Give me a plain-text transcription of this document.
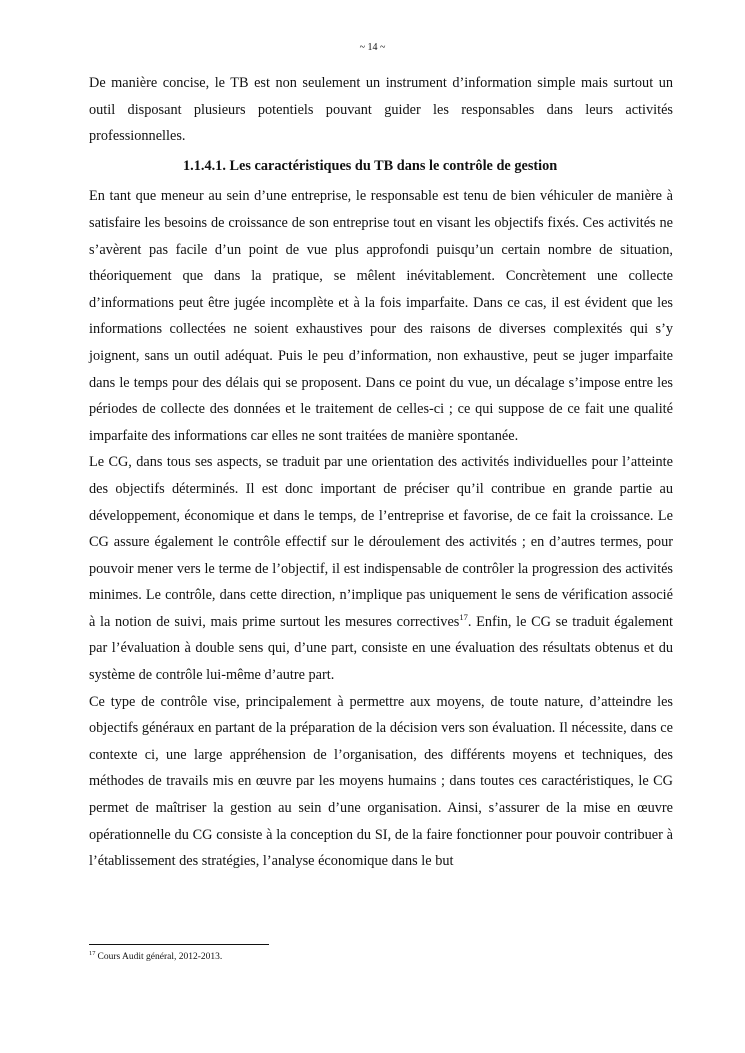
~ 14 ~

De manière concise, le TB est non seulement un instrument d’information simple mais surtout un outil disposant plusieurs potentiels pouvant guider les responsables dans leurs activités professionnelles.

1.1.4.1. Les caractéristiques du TB dans le contrôle de gestion

En tant que meneur au sein d’une entreprise, le responsable est tenu de bien véhiculer de manière à satisfaire les besoins de croissance de son entreprise tout en visant les objectifs fixés. Ces activités ne s’avèrent pas facile d’un point de vue plus approfondi puisqu’un certain nombre de situation, théoriquement que dans la pratique, se mêlent inévitablement. Concrètement une collecte d’informations peut être jugée incomplète et à la fois imparfaite. Dans ce cas, il est évident que les informations collectées ne soient exhaustives pour des raisons de diverses complexités qui s’y joignent, sans un outil adéquat. Puis le peu d’information, non exhaustive, peut se juger imparfaite dans le temps pour des délais qui se proposent. Dans ce point du vue, un décalage s’impose entre les périodes de collecte des données et le traitement de celles-ci ; ce qui suppose de ce fait une qualité imparfaite des informations car elles ne sont traitées de manière spontanée.

Le CG, dans tous ses aspects, se traduit par une orientation des activités individuelles pour l’atteinte des objectifs déterminés. Il est donc important de préciser qu’il contribue en grande partie au développement, économique et dans le temps, de l’entreprise et favorise, de ce fait la croissance. Le CG assure également le contrôle effectif sur le déroulement des activités ; en d’autres termes, pour pouvoir mener vers le terme de l’objectif, il est indispensable de contrôler la progression des activités minimes. Le contrôle, dans cette direction, n’implique pas uniquement le sens de vérification associé à la notion de suivi, mais prime surtout les mesures correctives$^{17}$. Enfin, le CG se traduit également par l’évaluation à double sens qui, d’une part, consiste en une évaluation des résultats obtenus et du système de contrôle lui-même d’autre part.

Ce type de contrôle vise, principalement à permettre aux moyens, de toute nature, d’atteindre les objectifs généraux en partant de la préparation de la décision vers son évaluation. Il nécessite, dans ce contexte ci, une large appréhension de l’organisation, des différents moyens et techniques, des méthodes de travails mis en œuvre par les moyens humains ; dans toutes ces caractéristiques, le CG permet de maîtriser la gestion au sein d’une organisation. Ainsi, s’assurer de la mise en œuvre opérationnelle du CG consiste à la conception du SI, de la faire fonctionner pour pouvoir contribuer à l’établissement des stratégies, l’analyse économique dans le but

$^{17}$ Cours Audit général, 2012-2013.
